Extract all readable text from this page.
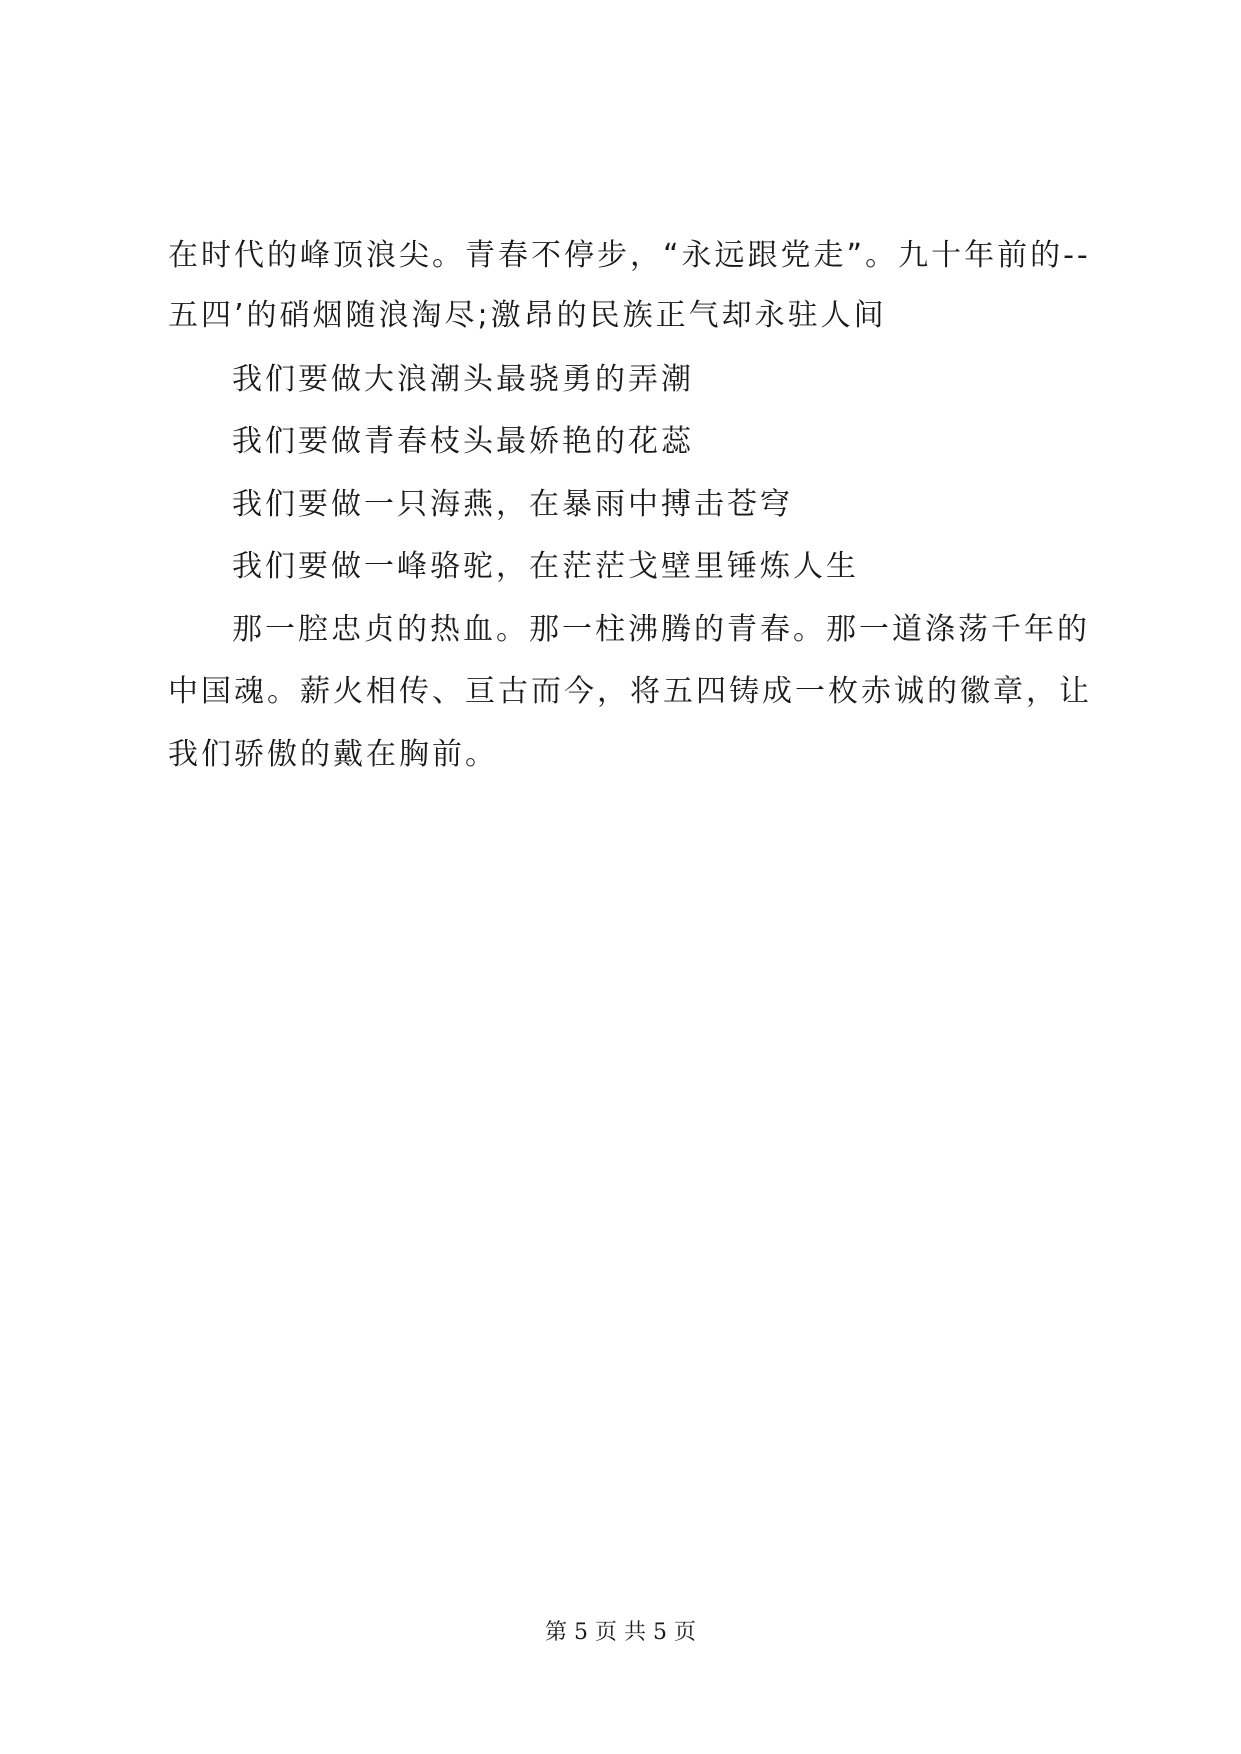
在时代的峰顶浪尖。青春不停步，“永远跟党走”。九十年前的--
五四’的硝烟随浪淘尽;激昂的民族正气却永驻人间
我们要做大浪潮头最骁勇的弄潮
我们要做青春枝头最娇艳的花蕊
我们要做一只海燕，在暴雨中搏击苍穹
我们要做一峰骆驼，在茫茫戈壁里锤炼人生
那一腔忠贞的热血。那一柱沸腾的青春。那一道涤荡千年的
中国魂。薪火相传、亘古而今，将五四铸成一枚赤诚的徽章，让
我们骄傲的戴在胸前。
第 5 页 共 5 页
